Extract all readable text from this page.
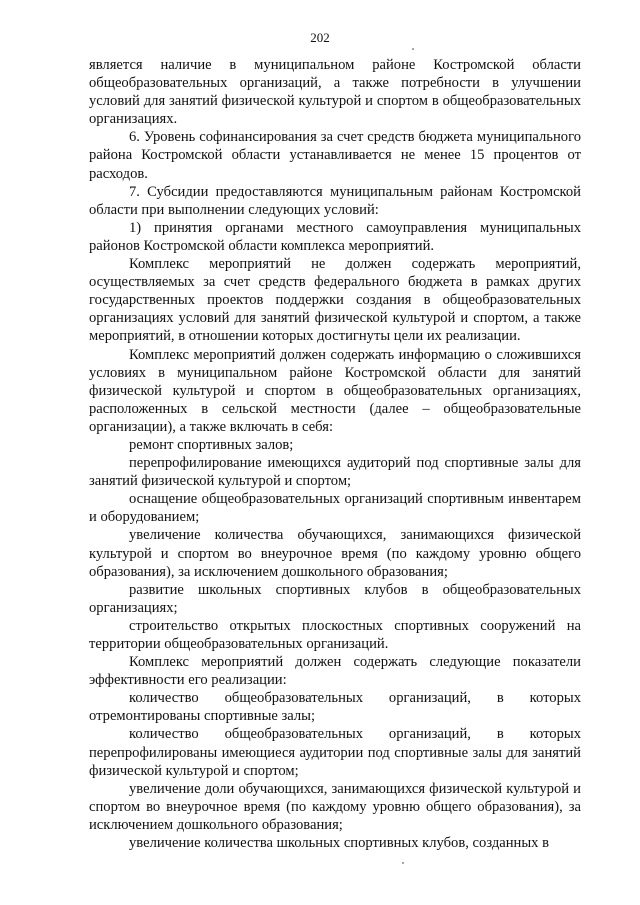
202

является наличие в муниципальном районе Костромской области общеобразовательных организаций, а также потребности в улучшении условий для занятий физической культурой и спортом в общеобразовательных организациях.

6. Уровень софинансирования за счет средств бюджета муниципального района Костромской области устанавливается не менее 15 процентов от расходов.

7. Субсидии предоставляются муниципальным районам Костромской области при выполнении следующих условий:

1) принятия органами местного самоуправления муниципальных районов Костромской области комплекса мероприятий.

Комплекс мероприятий не должен содержать мероприятий, осуществляемых за счет средств федерального бюджета в рамках других государственных проектов поддержки создания в общеобразовательных организациях условий для занятий физической культурой и спортом, а также мероприятий, в отношении которых достигнуты цели их реализации.

Комплекс мероприятий должен содержать информацию о сложившихся условиях в муниципальном районе Костромской области для занятий физической культурой и спортом в общеобразовательных организациях, расположенных в сельской местности (далее – общеобразовательные организации), а также включать в себя:

ремонт спортивных залов;

перепрофилирование имеющихся аудиторий под спортивные залы для занятий физической культурой и спортом;

оснащение общеобразовательных организаций спортивным инвентарем и оборудованием;

увеличение количества обучающихся, занимающихся физической культурой и спортом во внеурочное время (по каждому уровню общего образования), за исключением дошкольного образования;

развитие школьных спортивных клубов в общеобразовательных организациях;

строительство открытых плоскостных спортивных сооружений на территории общеобразовательных организаций.

Комплекс мероприятий должен содержать следующие показатели эффективности его реализации:

количество общеобразовательных организаций, в которых отремонтированы спортивные залы;

количество общеобразовательных организаций, в которых перепрофилированы имеющиеся аудитории под спортивные залы для занятий физической культурой и спортом;

увеличение доли обучающихся, занимающихся физической культурой и спортом во внеурочное время (по каждому уровню общего образования), за исключением дошкольного образования;

увеличение количества школьных спортивных клубов, созданных в
